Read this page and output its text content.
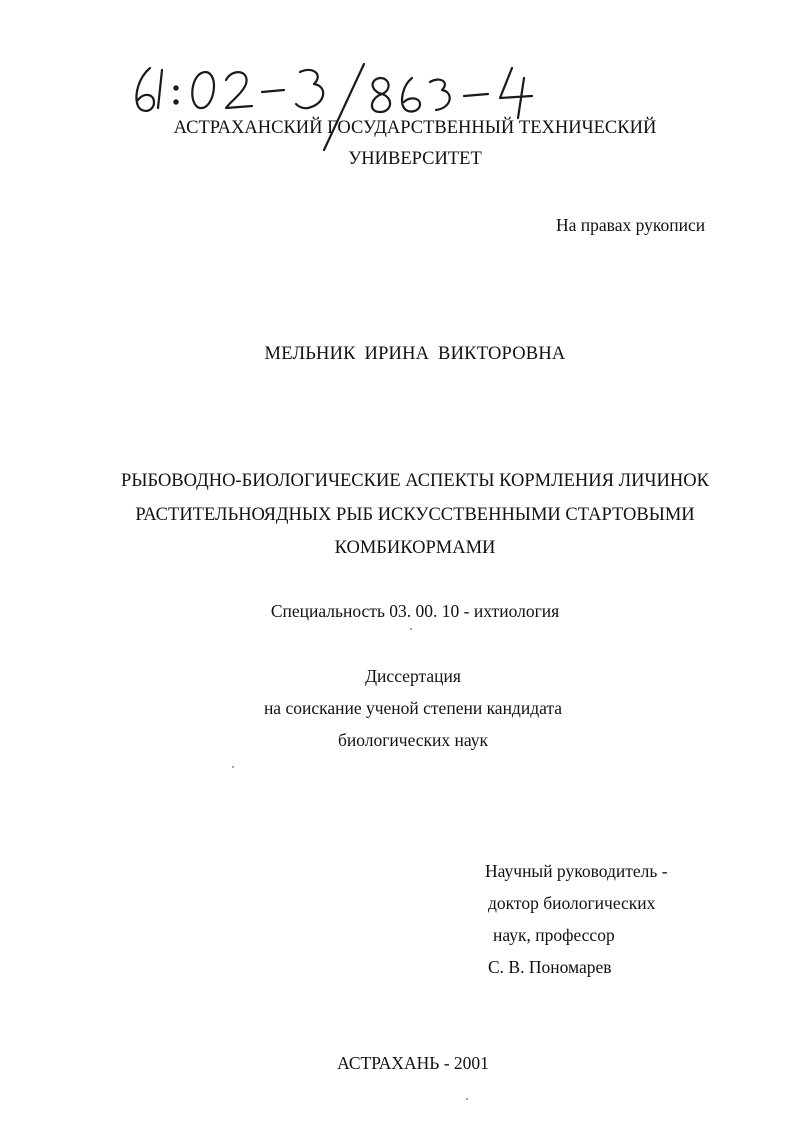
АСТРАХАНСКИЙ ГОСУДАРСТВЕННЫЙ ТЕХНИЧЕСКИЙ
УНИВЕРСИТЕТ
На правах рукописи
МЕЛЬНИК ИРИНА ВИКТОРОВНА
РЫБОВОДНО-БИОЛОГИЧЕСКИЕ АСПЕКТЫ КОРМЛЕНИЯ ЛИЧИНОК
РАСТИТЕЛЬНОЯДНЫХ РЫБ ИСКУССТВЕННЫМИ СТАРТОВЫМИ
КОМБИКОРМАМИ
Специальность 03. 00. 10 - ихтиология
Диссертация
на соискание ученой степени кандидата
биологических наук
Научный руководитель -
доктор биологических
наук, профессор
С. В. Пономарев
АСТРАХАНЬ - 2001
